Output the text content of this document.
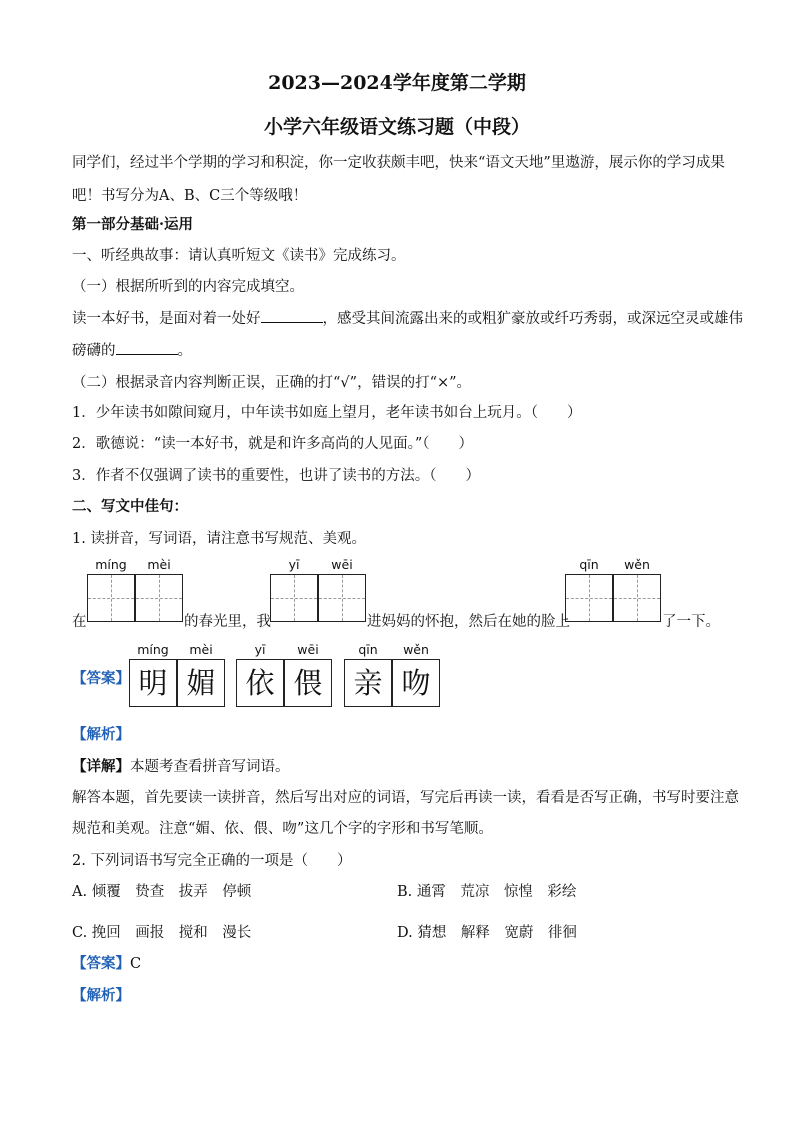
2023—2024学年度第二学期
小学六年级语文练习题（中段）
同学们，经过半个学期的学习和积淀，你一定收获颇丰吧，快来“语文天地”里遨游，展示你的学习成果
吧！书写分为A、B、C三个等级哦！
第一部分基础·运用
一、听经典故事：请认真听短文《读书》完成练习。
（一）根据所听到的内容完成填空。
读一本好书，是面对着一处好	，感受其间流露出来的或粗犷豪放或纤巧秀弱，或深远空灵或雄伟
磅礴的	。
（二）根据录音内容判断正误，正确的打“√”，错误的打“×”。
1．少年读书如隙间窥月，中年读书如庭上望月，老年读书如台上玩月。（　　）
2．歌德说：“读一本好书，就是和许多高尚的人见面。”（　　）
3．作者不仅强调了读书的重要性，也讲了读书的方法。（　　）
二、写文中佳句：
1. 读拼音，写词语，请注意书写规范、美观。
míng	mèi	yī	wēi	qīn	wěn
在	的春光里，我	进妈妈的怀抱，然后在她的脸上	了一下。
【答案】
míng	mèi	yī	wēi	qīn	wěn
明 媚	依 偎	亲 吻
【解析】
【详解】本题考查看拼音写词语。
解答本题，首先要读一读拼音，然后写出对应的词语，写完后再读一读，看看是否写正确，书写时要注意
规范和美观。注意“媚、依、偎、吻”这几个字的字形和书写笔顺。
2. 下列词语书写完全正确的一项是（　　）
A. 倾覆　贽查　拔弄　停顿	B. 通霄　荒凉　惊惶　彩绘
C. 挽回　画报　搅和　漫长	D. 猜想　解释　宽蔚　徘徊
【答案】C
【解析】
